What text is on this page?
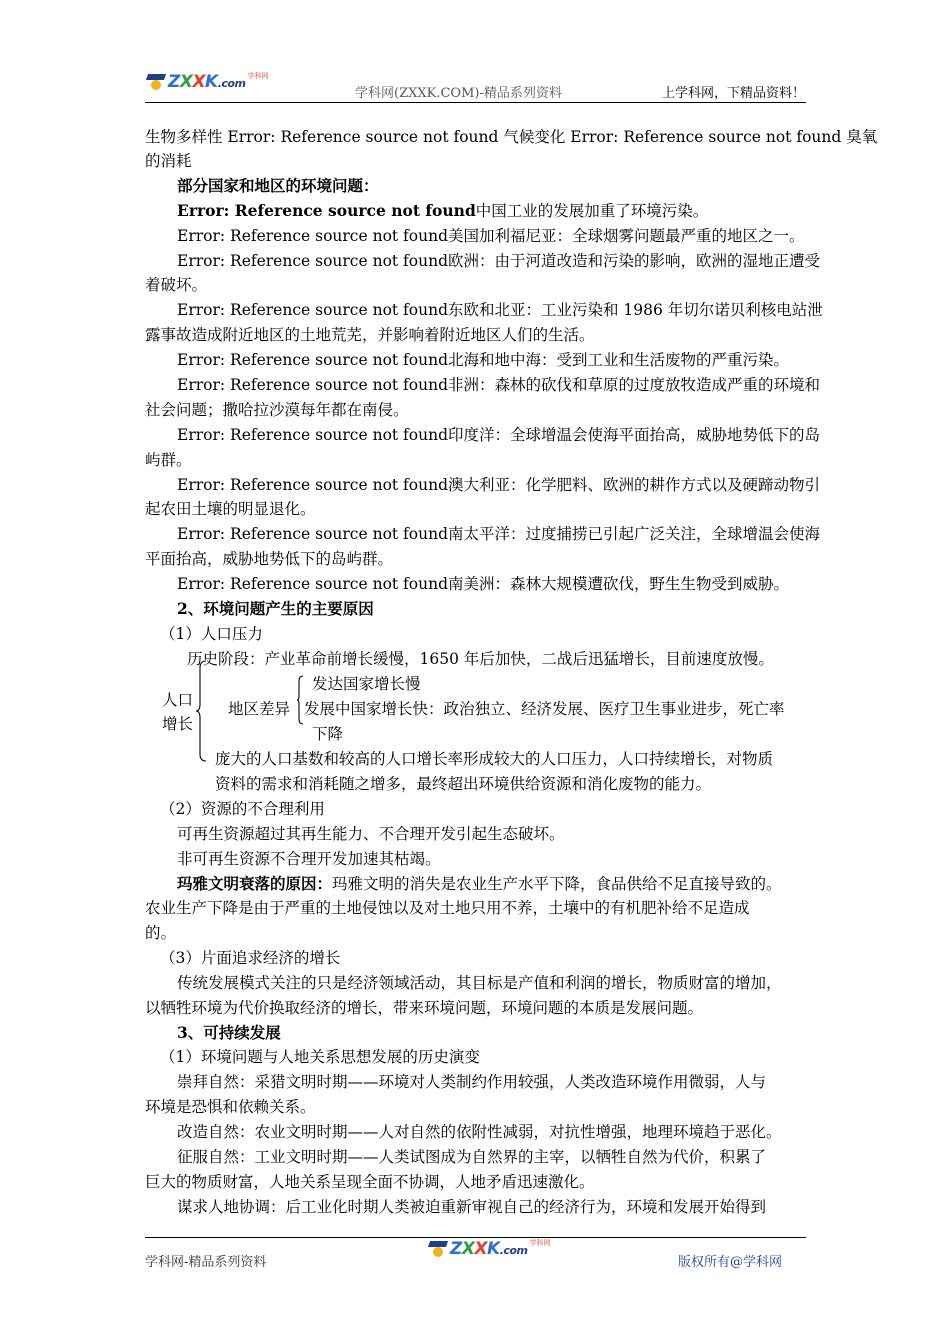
ZXXK.com
学科网
学科网(ZXXK.COM)-精品系列资料	上学科网，下精品资料！
生物多样性 Error: Reference source not found 气候变化 Error: Reference source not found 臭氧
的消耗
部分国家和地区的环境问题：
Error: Reference source not found中国工业的发展加重了环境污染。
Error: Reference source not found美国加利福尼亚：全球烟雾问题最严重的地区之一。
Error: Reference source not found欧洲：由于河道改造和污染的影响，欧洲的湿地正遭受
着破坏。
Error: Reference source not found东欧和北亚：工业污染和 1986 年切尔诺贝利核电站泄
露事故造成附近地区的土地荒芜，并影响着附近地区人们的生活。
Error: Reference source not found北海和地中海：受到工业和生活废物的严重污染。
Error: Reference source not found非洲：森林的砍伐和草原的过度放牧造成严重的环境和
社会问题；撒哈拉沙漠每年都在南侵。
Error: Reference source not found印度洋：全球增温会使海平面抬高，威胁地势低下的岛
屿群。
Error: Reference source not found澳大利亚：化学肥料、欧洲的耕作方式以及硬蹄动物引
起农田土壤的明显退化。
Error: Reference source not found南太平洋：过度捕捞已引起广泛关注，全球增温会使海
平面抬高，威胁地势低下的岛屿群。
Error: Reference source not found南美洲：森林大规模遭砍伐，野生生物受到威胁。
2、环境问题产生的主要原因
（1）人口压力
历史阶段：产业革命前增长缓慢，1650 年后加快，二战后迅猛增长，目前速度放慢。
人口
增长
发达国家增长慢
地区差异 发展中国家增长快：政治独立、经济发展、医疗卫生事业进步，死亡率
下降
庞大的人口基数和较高的人口增长率形成较大的人口压力，人口持续增长，对物质
资料的需求和消耗随之增多，最终超出环境供给资源和消化废物的能力。
（2）资源的不合理利用
可再生资源超过其再生能力、不合理开发引起生态破坏。
非可再生资源不合理开发加速其枯竭。
玛雅文明衰落的原因：玛雅文明的消失是农业生产水平下降，食品供给不足直接导致的。
农业生产下降是由于严重的土地侵蚀以及对土地只用不养，土壤中的有机肥补给不足造成
的。
（3）片面追求经济的增长
传统发展模式关注的只是经济领域活动，其目标是产值和利润的增长，物质财富的增加，
以牺牲环境为代价换取经济的增长，带来环境问题，环境问题的本质是发展问题。
3、可持续发展
（1）环境问题与人地关系思想发展的历史演变
崇拜自然：采猎文明时期——环境对人类制约作用较强，人类改造环境作用微弱，人与
环境是恐惧和依赖关系。
改造自然：农业文明时期——人对自然的依附性减弱，对抗性增强，地理环境趋于恶化。
征服自然：工业文明时期——人类试图成为自然界的主宰，以牺牲自然为代价，积累了
巨大的物质财富，人地关系呈现全面不协调，人地矛盾迅速激化。
谋求人地协调：后工业化时期人类被迫重新审视自己的经济行为，环境和发展开始得到
学科网-精品系列资料
ZXXK.com
学科网
版权所有@学科网
